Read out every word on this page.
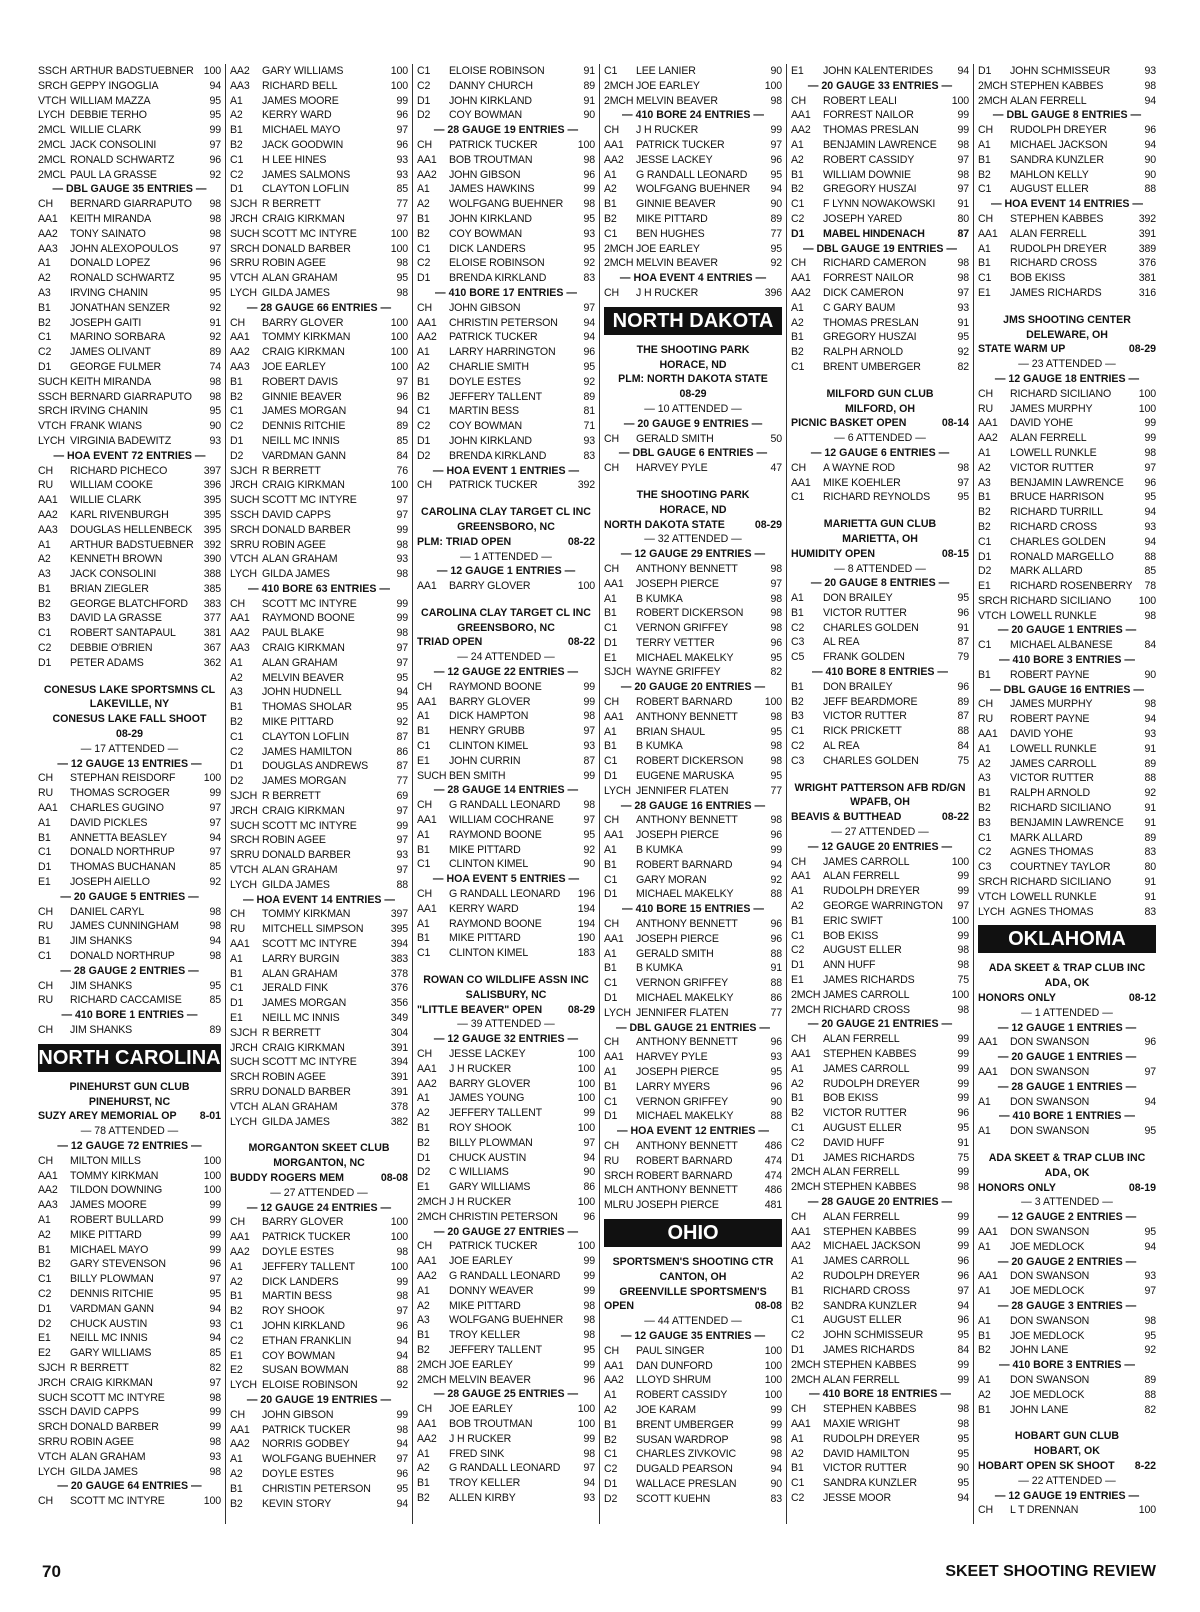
SSCH ARTHUR BADSTUEBNER 100
SRCH GEPPY INGOGLIA	94
VTCH WILLIAM MAZZA	95
LYCH DEBBIE TERHO	95
2MCL WILLIE CLARK	99
2MCL JACK CONSOLINI	97
2MCL RONALD SCHWARTZ	96
2MCL PAUL LA GRASSE	92
— DBL GAUGE 35 ENTRIES —
CH	BERNARD GIARRAPUTO	98
AA1	KEITH MIRANDA	98
AA2	TONY SAINATO	98
AA3	JOHN ALEXOPOULOS	97
A1	DONALD LOPEZ	96
A2	RONALD SCHWARTZ	95
A3	IRVING CHANIN	95
B1	JONATHAN SENZER	92
B2	JOSEPH GAITI	91
C1	MARINO SORBARA	92
C2	JAMES OLIVANT	89
D1	GEORGE FULMER	74
SUCH KEITH MIRANDA	98
SSCH BERNARD GIARRAPUTO	98
SRCH IRVING CHANIN	95
VTCH FRANK WIANS	90
LYCH VIRGINIA BADEWITZ	93
— HOA EVENT 72 ENTRIES —
CH	RICHARD PICHECO	397
RU	WILLIAM COOKE	396
AA1	WILLIE CLARK	395
AA2	KARL RIVENBURGH	395
AA3	DOUGLAS HELLENBECK	395
A1	ARTHUR BADSTUEBNER 392
A2	KENNETH BROWN	390
A3	JACK CONSOLINI	388
B1	BRIAN ZIEGLER	385
B2	GEORGE BLATCHFORD	383
B3	DAVID LA GRASSE	377
C1	ROBERT SANTAPAUL	381
C2	DEBBIE O'BRIEN	367
D1	PETER ADAMS	362
CONESUS LAKE SPORTSMNS CL
LAKEVILLE, NY
CONESUS LAKE FALL SHOOT
08-29
— 17 ATTENDED —
— 12 GAUGE 13 ENTRIES —
CH	STEPHAN REISDORF	100
RU	THOMAS SCROGER	99
AA1	CHARLES GUGINO	97
A1	DAVID PICKLES	97
B1	ANNETTA BEASLEY	94
C1	DONALD NORTHRUP	97
D1	THOMAS BUCHANAN	85
E1	JOSEPH AIELLO	92
— 20 GAUGE 5 ENTRIES —
CH	DANIEL CARYL	98
RU	JAMES CUNNINGHAM	98
B1	JIM SHANKS	94
C1	DONALD NORTHRUP	98
— 28 GAUGE 2 ENTRIES —
CH	JIM SHANKS	95
RU	RICHARD CACCAMISE	85
— 410 BORE 1 ENTRIES —
CH	JIM SHANKS	89
NORTH CAROLINA
PINEHURST GUN CLUB
PINEHURST, NC
SUZY AREY MEMORIAL OP 8-01
— 78 ATTENDED —
— 12 GAUGE 72 ENTRIES —
CH	MILTON MILLS	100
AA1	TOMMY KIRKMAN	100
AA2	TILDON DOWNING	100
AA3	JAMES MOORE	99
A1	ROBERT BULLARD	99
A2	MIKE PITTARD	99
B1	MICHAEL MAYO	99
B2	GARY STEVENSON	96
C1	BILLY PLOWMAN	97
C2	DENNIS RITCHIE	95
D1	VARDMAN GANN	94
D2	CHUCK AUSTIN	93
E1	NEILL MC INNIS	94
E2	GARY WILLIAMS	85
SJCH R BERRETT	82
JRCH CRAIG KIRKMAN	97
SUCH SCOTT MC INTYRE	98
SSCH DAVID CAPPS	99
SRCH DONALD BARBER	99
SRRU ROBIN AGEE	98
VTCH ALAN GRAHAM	93
LYCH GILDA JAMES	98
— 20 GAUGE 64 ENTRIES —
CH	SCOTT MC INTYRE	100
AA2	GARY WILLIAMS	100
AA3	RICHARD BELL	100
A1	JAMES MOORE	99
A2	KERRY WARD	96
B1	MICHAEL MAYO	97
B2	JACK GOODWIN	96
C1	H LEE HINES	93
C2	JAMES SALMONS	93
D1	CLAYTON LOFLIN	85
SJCH R BERRETT	77
JRCH CRAIG KIRKMAN	97
SUCH SCOTT MC INTYRE	100
SRCH DONALD BARBER	100
SRRU ROBIN AGEE	98
VTCH ALAN GRAHAM	95
LYCH GILDA JAMES	98
— 28 GAUGE 66 ENTRIES —
CH	BARRY GLOVER	100
AA1	TOMMY KIRKMAN	100
AA2	CRAIG KIRKMAN	100
AA3	JOE EARLEY	100
B1	ROBERT DAVIS	97
B2	GINNIE BEAVER	96
C1	JAMES MORGAN	94
C2	DENNIS RITCHIE	89
D1	NEILL MC INNIS	85
D2	VARDMAN GANN	84
SJCH R BERRETT	76
JRCH CRAIG KIRKMAN	100
SUCH SCOTT MC INTYRE	97
SSCH DAVID CAPPS	97
SRCH DONALD BARBER	99
SRRU ROBIN AGEE	98
VTCH ALAN GRAHAM	93
LYCH GILDA JAMES	98
— 410 BORE 63 ENTRIES —
CH	SCOTT MC INTYRE	99
AA1	RAYMOND BOONE	99
AA2	PAUL BLAKE	98
AA3	CRAIG KIRKMAN	97
A1	ALAN GRAHAM	97
A2	MELVIN BEAVER	95
A3	JOHN HUDNELL	94
B1	THOMAS SHOLAR	95
B2	MIKE PITTARD	92
C1	CLAYTON LOFLIN	87
C2	JAMES HAMILTON	86
D1	DOUGLAS ANDREWS	87
D2	JAMES MORGAN	77
SJCH R BERRETT	69
JRCH CRAIG KIRKMAN	97
SUCH SCOTT MC INTYRE	99
SRCH ROBIN AGEE	97
SRRU DONALD BARBER	93
VTCH ALAN GRAHAM	97
LYCH GILDA JAMES	88
— HOA EVENT 14 ENTRIES —
CH	TOMMY KIRKMAN	397
RU	MITCHELL SIMPSON	395
AA1	SCOTT MC INTYRE	394
A1	LARRY BURGIN	383
B1	ALAN GRAHAM	378
C1	JERALD FINK	376
D1	JAMES MORGAN	356
E1	NEILL MC INNIS	349
SJCH R BERRETT	304
JRCH CRAIG KIRKMAN	391
SUCH SCOTT MC INTYRE	394
SRCH ROBIN AGEE	391
SRRU DONALD BARBER	391
VTCH ALAN GRAHAM	378
LYCH GILDA JAMES	382
MORGANTON SKEET CLUB
MORGANTON, NC
BUDDY ROGERS MEM	08-08
— 27 ATTENDED —
— 12 GAUGE 24 ENTRIES —
CH	BARRY GLOVER	100
AA1	PATRICK TUCKER	100
AA2	DOYLE ESTES	98
A1	JEFFERY TALLENT	100
A2	DICK LANDERS	99
B1	MARTIN BESS	98
B2	ROY SHOOK	97
C1	JOHN KIRKLAND	96
C2	ETHAN FRANKLIN	94
E1	COY BOWMAN	94
E2	SUSAN BOWMAN	88
LYCH ELOISE ROBINSON	92
— 20 GAUGE 19 ENTRIES —
CH	JOHN GIBSON	99
AA1	PATRICK TUCKER	98
AA2	NORRIS GODBEY	94
A1	WOLFGANG BUEHNER	97
A2	DOYLE ESTES	96
B1	CHRISTIN PETERSON	95
B2	KEVIN STORY	94
C1	ELOISE ROBINSON	91
C2	DANNY CHURCH	89
D1	JOHN KIRKLAND	91
D2	COY BOWMAN	90
— 28 GAUGE 19 ENTRIES —
CH	PATRICK TUCKER	100
AA1	BOB TROUTMAN	98
AA2	JOHN GIBSON	96
A1	JAMES HAWKINS	99
A2	WOLFGANG BUEHNER	98
B1	JOHN KIRKLAND	95
B2	COY BOWMAN	93
C1	DICK LANDERS	95
C2	ELOISE ROBINSON	92
D1	BRENDA KIRKLAND	83
— 410 BORE 17 ENTRIES —
CH	JOHN GIBSON	97
AA1	CHRISTIN PETERSON	94
AA2	PATRICK TUCKER	94
A1	LARRY HARRINGTON	96
A2	CHARLIE SMITH	95
B1	DOYLE ESTES	92
B2	JEFFERY TALLENT	89
C1	MARTIN BESS	81
C2	COY BOWMAN	71
D1	JOHN KIRKLAND	93
D2	BRENDA KIRKLAND	83
— HOA EVENT 1 ENTRIES —
CH	PATRICK TUCKER	392
CAROLINA CLAY TARGET CL INC
GREENSBORO, NC
PLM: TRIAD OPEN	08-22
— 1 ATTENDED —
— 12 GAUGE 1 ENTRIES —
AA1	BARRY GLOVER	100
CAROLINA CLAY TARGET CL INC
GREENSBORO, NC
TRIAD OPEN	08-22
— 24 ATTENDED —
— 12 GAUGE 22 ENTRIES —
CH	RAYMOND BOONE	99
AA1	BARRY GLOVER	99
A1	DICK HAMPTON	98
B1	HENRY GRUBB	97
C1	CLINTON KIMEL	93
E1	JOHN CURRIN	87
SUCH BEN SMITH	99
— 28 GAUGE 14 ENTRIES —
CH	G RANDALL LEONARD	98
AA1	WILLIAM COCHRANE	97
A1	RAYMOND BOONE	95
B1	MIKE PITTARD	92
C1	CLINTON KIMEL	90
— HOA EVENT 5 ENTRIES —
CH	G RANDALL LEONARD	196
AA1	KERRY WARD	194
A1	RAYMOND BOONE	194
B1	MIKE PITTARD	190
C1	CLINTON KIMEL	183
ROWAN CO WILDLIFE ASSN INC
SALISBURY, NC
"LITTLE BEAVER" OPEN 08-29
— 39 ATTENDED —
— 12 GAUGE 32 ENTRIES —
CH	JESSE LACKEY	100
AA1	J H RUCKER	100
AA2	BARRY GLOVER	100
A1	JAMES YOUNG	100
A2	JEFFERY TALLENT	99
B1	ROY SHOOK	100
B2	BILLY PLOWMAN	97
D1	CHUCK AUSTIN	94
D2	C WILLIAMS	90
E1	GARY WILLIAMS	86
2MCH J H RUCKER	100
2MCH CHRISTIN PETERSON	96
— 20 GAUGE 27 ENTRIES —
CH	PATRICK TUCKER	100
AA1	JOE EARLEY	99
AA2	G RANDALL LEONARD	99
A1	DONNY WEAVER	99
A2	MIKE PITTARD	98
A3	WOLFGANG BUEHNER	98
B1	TROY KELLER	98
B2	JEFFERY TALLENT	95
2MCH JOE EARLEY	99
2MCH MELVIN BEAVER	96
— 28 GAUGE 25 ENTRIES —
CH	JOE EARLEY	100
AA1	BOB TROUTMAN	100
AA2	J H RUCKER	99
A1	FRED SINK	98
A2	G RANDALL LEONARD	97
B1	TROY KELLER	94
B2	ALLEN KIRBY	93
C1	LEE LANIER	90
2MCH JOE EARLEY	100
2MCH MELVIN BEAVER	98
— 410 BORE 24 ENTRIES —
CH	J H RUCKER	99
AA1	PATRICK TUCKER	97
AA2	JESSE LACKEY	96
A1	G RANDALL LEONARD	95
A2	WOLFGANG BUEHNER	94
B1	GINNIE BEAVER	90
B2	MIKE PITTARD	89
C1	BEN HUGHES	77
2MCH JOE EARLEY	95
2MCH MELVIN BEAVER	92
— HOA EVENT 4 ENTRIES —
CH	J H RUCKER	396
NORTH DAKOTA
THE SHOOTING PARK
HORACE, ND
PLM: NORTH DAKOTA STATE
08-29
— 10 ATTENDED —
— 20 GAUGE 9 ENTRIES —
CH	GERALD SMITH	50
— DBL GAUGE 6 ENTRIES —
CH	HARVEY PYLE	47
THE SHOOTING PARK
HORACE, ND
NORTH DAKOTA STATE	08-29
— 32 ATTENDED —
— 12 GAUGE 29 ENTRIES —
CH	ANTHONY BENNETT	98
AA1	JOSEPH PIERCE	97
A1	B KUMKA	98
B1	ROBERT DICKERSON	98
C1	VERNON GRIFFEY	98
D1	TERRY VETTER	96
E1	MICHAEL MAKELKY	95
SJCH WAYNE GRIFFEY	82
— 20 GAUGE 20 ENTRIES —
CH	ROBERT BARNARD	100
AA1	ANTHONY BENNETT	98
A1	BRIAN SHAUL	95
B1	B KUMKA	98
C1	ROBERT DICKERSON	98
D1	EUGENE MARUSKA	95
LYCH JENNIFER FLATEN	77
— 28 GAUGE 16 ENTRIES —
CH	ANTHONY BENNETT	98
AA1	JOSEPH PIERCE	96
A1	B KUMKA	99
B1	ROBERT BARNARD	94
C1	GARY MORAN	92
D1	MICHAEL MAKELKY	88
— 410 BORE 15 ENTRIES —
CH	ANTHONY BENNETT	96
AA1	JOSEPH PIERCE	96
A1	GERALD SMITH	88
B1	B KUMKA	91
C1	VERNON GRIFFEY	88
D1	MICHAEL MAKELKY	86
LYCH JENNIFER FLATEN	77
— DBL GAUGE 21 ENTRIES —
CH	ANTHONY BENNETT	96
AA1	HARVEY PYLE	93
A1	JOSEPH PIERCE	95
B1	LARRY MYERS	96
C1	VERNON GRIFFEY	90
D1	MICHAEL MAKELKY	88
— HOA EVENT 12 ENTRIES —
CH	ANTHONY BENNETT	486
RU	ROBERT BARNARD	474
SRCH ROBERT BARNARD	474
MLCH ANTHONY BENNETT	486
MLRU JOSEPH PIERCE	481
OHIO
SPORTSMEN'S SHOOTING CTR
CANTON, OH
GREENVILLE SPORTSMEN'S
OPEN	08-08
— 44 ATTENDED —
— 12 GAUGE 35 ENTRIES —
CH	PAUL SINGER	100
AA1	DAN DUNFORD	100
AA2	LLOYD SHRUM	100
A1	ROBERT CASSIDY	100
A2	JOE KARAM	99
B1	BRENT UMBERGER	99
B2	SUSAN WARDROP	98
C1	CHARLES ZIVKOVIC	98
C2	DUGALD PEARSON	94
D1	WALLACE PRESLAN	90
D2	SCOTT KUEHN	83
E1	JOHN KALENTERIDES	94
— 20 GAUGE 33 ENTRIES —
CH	ROBERT LEALI	100
AA1	FORREST NAILOR	99
AA2	THOMAS PRESLAN	99
A1	BENJAMIN LAWRENCE	98
A2	ROBERT CASSIDY	97
B1	WILLIAM DOWNIE	98
B2	GREGORY HUSZAI	97
C1	F LYNN NOWAKOWSKI	91
C2	JOSEPH YARED	80
D1	MABEL HINDENACH	87
— DBL GAUGE 19 ENTRIES —
CH	RICHARD CAMERON	98
AA1	FORREST NAILOR	98
AA2	DICK CAMERON	97
A1	C GARY BAUM	93
A2	THOMAS PRESLAN	91
B1	GREGORY HUSZAI	95
B2	RALPH ARNOLD	92
C1	BRENT UMBERGER	82
MILFORD GUN CLUB
MILFORD, OH
PICNIC BASKET OPEN	08-14
— 6 ATTENDED —
— 12 GAUGE 6 ENTRIES —
CH	A WAYNE ROD	98
AA1	MIKE KOEHLER	97
C1	RICHARD REYNOLDS	95
MARIETTA GUN CLUB
MARIETTA, OH
HUMIDITY OPEN	08-15
— 8 ATTENDED —
— 20 GAUGE 8 ENTRIES —
A1	DON BRAILEY	95
B1	VICTOR RUTTER	96
C2	CHARLES GOLDEN	91
C3	AL REA	87
C5	FRANK GOLDEN	79
— 410 BORE 8 ENTRIES —
B1	DON BRAILEY	96
B2	JEFF BEARDMORE	89
B3	VICTOR RUTTER	87
C1	RICK PRICKETT	88
C2	AL REA	84
C3	CHARLES GOLDEN	75
WRIGHT PATTERSON AFB RD/GN
WPAFB, OH
BEAVIS & BUTTHEAD	08-22
— 27 ATTENDED —
— 12 GAUGE 20 ENTRIES —
CH	JAMES CARROLL	100
AA1	ALAN FERRELL	99
A1	RUDOLPH DREYER	99
A2	GEORGE WARRINGTON	97
B1	ERIC SWIFT	100
C1	BOB EKISS	99
C2	AUGUST ELLER	98
D1	ANN HUFF	98
E1	JAMES RICHARDS	75
2MCH JAMES CARROLL	100
2MCH RICHARD CROSS	98
— 20 GAUGE 21 ENTRIES —
CH	ALAN FERRELL	99
AA1	STEPHEN KABBES	99
A1	JAMES CARROLL	99
A2	RUDOLPH DREYER	99
B1	BOB EKISS	99
B2	VICTOR RUTTER	96
C1	AUGUST ELLER	95
C2	DAVID HUFF	91
D1	JAMES RICHARDS	75
2MCH ALAN FERRELL	99
2MCH STEPHEN KABBES	98
— 28 GAUGE 20 ENTRIES —
CH	ALAN FERRELL	99
AA1	STEPHEN KABBES	99
AA2	MICHAEL JACKSON	99
A1	JAMES CARROLL	96
A2	RUDOLPH DREYER	96
B1	RICHARD CROSS	97
B2	SANDRA KUNZLER	94
C1	AUGUST ELLER	96
C2	JOHN SCHMISSEUR	95
D1	JAMES RICHARDS	84
2MCH STEPHEN KABBES	99
2MCH ALAN FERRELL	99
— 410 BORE 18 ENTRIES —
CH	STEPHEN KABBES	98
AA1	MAXIE WRIGHT	98
A1	RUDOLPH DREYER	95
A2	DAVID HAMILTON	95
B1	VICTOR RUTTER	90
C1	SANDRA KUNZLER	95
C2	JESSE MOOR	94
D1	JOHN SCHMISSEUR	93
2MCH STEPHEN KABBES	98
2MCH ALAN FERRELL	94
— DBL GAUGE 8 ENTRIES —
CH	RUDOLPH DREYER	96
A1	MICHAEL JACKSON	94
B1	SANDRA KUNZLER	90
B2	MAHLON KELLY	90
C1	AUGUST ELLER	88
— HOA EVENT 14 ENTRIES —
CH	STEPHEN KABBES	392
AA1	ALAN FERRELL	391
A1	RUDOLPH DREYER	389
B1	RICHARD CROSS	376
C1	BOB EKISS	381
E1	JAMES RICHARDS	316
JMS SHOOTING CENTER
DELEWARE, OH
STATE WARM UP	08-29
— 23 ATTENDED —
— 12 GAUGE 18 ENTRIES —
CH	RICHARD SICILIANO	100
RU	JAMES MURPHY	100
AA1	DAVID YOHE	99
AA2	ALAN FERRELL	99
A1	LOWELL RUNKLE	98
A2	VICTOR RUTTER	97
A3	BENJAMIN LAWRENCE	96
B1	BRUCE HARRISON	95
B2	RICHARD TURRILL	94
B2	RICHARD CROSS	93
C1	CHARLES GOLDEN	94
D1	RONALD MARGELLO	88
D2	MARK ALLARD	85
E1	RICHARD ROSENBERRY	78
SRCH RICHARD SICILIANO	100
VTCH LOWELL RUNKLE	98
— 20 GAUGE 1 ENTRIES —
C1	MICHAEL ALBANESE	84
— 410 BORE 3 ENTRIES —
B1	ROBERT PAYNE	90
— DBL GAUGE 16 ENTRIES —
CH	JAMES MURPHY	98
RU	ROBERT PAYNE	94
AA1	DAVID YOHE	93
A1	LOWELL RUNKLE	91
A2	JAMES CARROLL	89
A3	VICTOR RUTTER	88
B1	RALPH ARNOLD	92
B2	RICHARD SICILIANO	91
B3	BENJAMIN LAWRENCE	91
C1	MARK ALLARD	89
C2	AGNES THOMAS	83
C3	COURTNEY TAYLOR	80
SRCH RICHARD SICILIANO	91
VTCH LOWELL RUNKLE	91
LYCH AGNES THOMAS	83
OKLAHOMA
ADA SKEET & TRAP CLUB INC
ADA, OK
HONORS ONLY	08-12
— 1 ATTENDED —
— 12 GAUGE 1 ENTRIES —
AA1	DON SWANSON	96
— 20 GAUGE 1 ENTRIES —
AA1	DON SWANSON	97
— 28 GAUGE 1 ENTRIES —
A1	DON SWANSON	94
— 410 BORE 1 ENTRIES —
A1	DON SWANSON	95
ADA SKEET & TRAP CLUB INC
ADA, OK
HONORS ONLY	08-19
— 3 ATTENDED —
— 12 GAUGE 2 ENTRIES —
AA1	DON SWANSON	95
A1	JOE MEDLOCK	94
— 20 GAUGE 2 ENTRIES —
AA1	DON SWANSON	93
A1	JOE MEDLOCK	97
— 28 GAUGE 3 ENTRIES —
A1	DON SWANSON	98
B1	JOE MEDLOCK	95
B2	JOHN LANE	92
— 410 BORE 3 ENTRIES —
A1	DON SWANSON	89
A2	JOE MEDLOCK	88
B1	JOHN LANE	82
HOBART GUN CLUB
HOBART, OK
HOBART OPEN SK SHOOT 8-22
— 22 ATTENDED —
— 12 GAUGE 19 ENTRIES —
CH	L T DRENNAN	100
70	SKEET SHOOTING REVIEW
